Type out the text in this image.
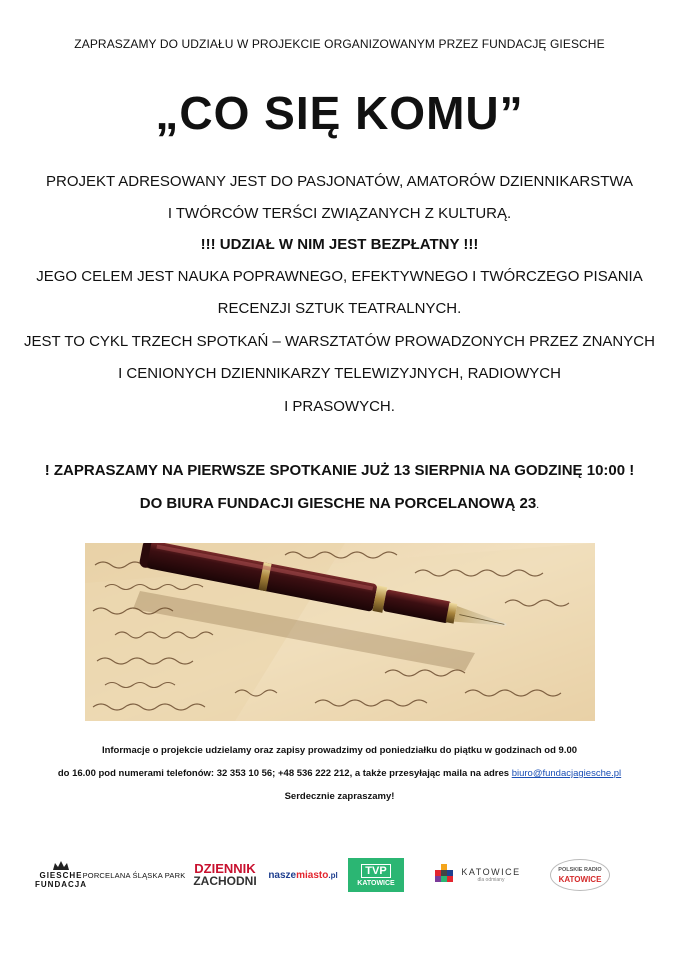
ZAPRASZAMY DO UDZIAŁU W PROJEKCIE ORGANIZOWANYM PRZEZ FUNDACJĘ GIESCHE
„CO SIĘ KOMU”
PROJEKT ADRESOWANY JEST DO PASJONATÓW, AMATORÓW DZIENNIKARSTWA
I TWÓRCÓW TERŚCI ZWIĄZANYCH Z KULTURĄ.
!!! UDZIAŁ W NIM JEST BEZPŁATNY !!!
JEGO CELEM JEST NAUKA POPRAWNEGO, EFEKTYWNEGO I TWÓRCZEGO PISANIA
RECENZJI SZTUK TEATRALNYCH.
JEST TO CYKL TRZECH SPOTKAŃ – WARSZTATÓW PROWADZONYCH PRZEZ ZNANYCH
I CENIONYCH DZIENNIKARZY TELEWIZYJNYCH, RADIOWYCH
I PRASOWYCH.
! ZAPRASZAMY NA PIERWSZE SPOTKANIE JUŻ 13 SIERPNIA NA GODZINĘ 10:00 !
DO BIURA FUNDACJI GIESCHE NA PORCELANOWĄ 23.
Informacje o projekcie udzielamy oraz zapisy prowadzimy od poniedziałku do piątku w godzinach od 9.00
do 16.00 pod numerami telefonów: 32 353 10 56; +48 536 222 212, a także przesyłając maila na adres biuro@fundacjagiesche.pl
Serdecznie zapraszamy!
GIESCHE
FUNDACJA
PORCELANA ŚLĄSKA PARK DZIENNIK
ZACHODNI naszemiasto.pl	TVP
KATOWICE
KATOWICE
dla odmiany
POLSKIE RADIO
KATOWICE
